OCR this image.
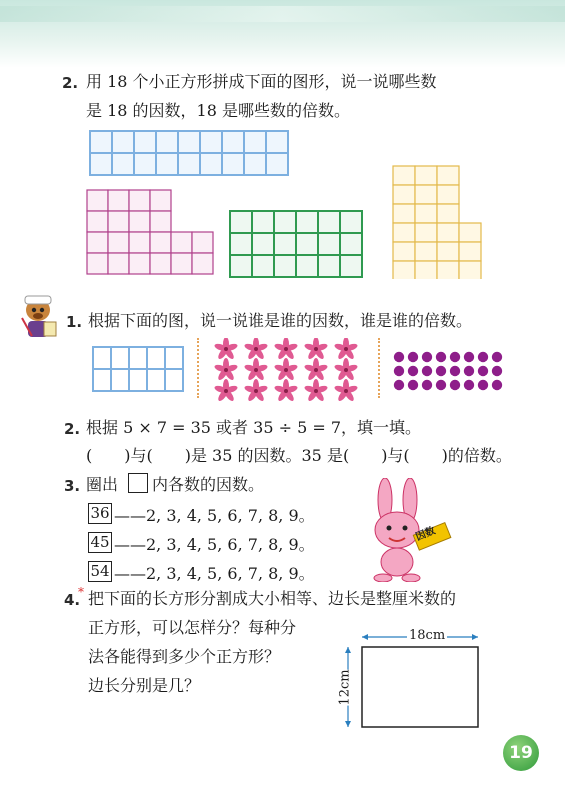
2. 用 18 个小正方形拼成下面的图形，说一说哪些数
是 18 的因数，18 是哪些数的倍数。
1. 根据下面的图，说一说谁是谁的因数，谁是谁的倍数。
2. 根据 5 × 7 = 35 或者 35 ÷ 5 = 7，填一填。
(　　)与(　　)是 35 的因数。35 是(　　)与(　　)的倍数。
3. 圈出 内各数的因数。
36 ——2, 3, 4, 5, 6, 7, 8, 9。
45 ——2, 3, 4, 5, 6, 7, 8, 9。
54 ——2, 3, 4, 5, 6, 7, 8, 9。
因数
4.
* 把下面的长方形分割成大小相等、边长是整厘米数的
正方形，可以怎样分？每种分
法各能得到多少个正方形？
边长分别是几？
18cm
12cm
19
